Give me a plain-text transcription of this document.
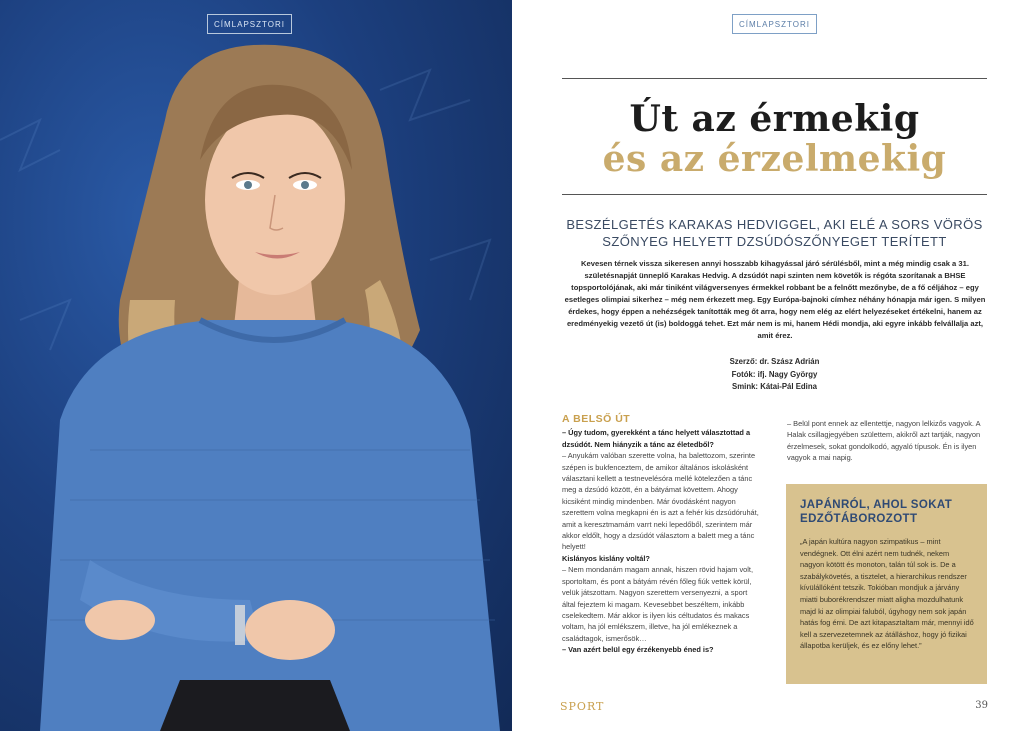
CÍMLAPSZTORI	CÍMLAPSZTORI
Út az érmekig
és az érzelmekig
BESZÉLGETÉS KARAKAS HEDVIGGEL, AKI ELÉ A SORS VÖRÖS SZŐNYEG HELYETT DZSÚDÓSZŐNYEGET TERÍTETT
Kevesen térnek vissza sikeresen annyi hosszabb kihagyással járó sérülésből, mint a még mindig csak a 31. születésnapját ünneplő Karakas Hedvig. A dzsúdót napi szinten nem követők is régóta szorítanak a BHSE topsportolójának, aki már tiniként világversenyes érmekkel robbant be a felnőtt mezőnybe, de a fő céljához – egy esetleges olimpiai sikerhez – még nem érkezett meg. Egy Európa-bajnoki címhez néhány hónapja már igen. S milyen érdekes, hogy éppen a nehézségek tanították meg őt arra, hogy nem elég az elért helyezéseket értékelni, hanem az eredményekig vezető út (is) boldoggá tehet. Ezt már nem is mi, hanem Hédi mondja, aki egyre inkább felvállalja azt, amit érez.
Szerző: dr. Szász Adrián
Fotók: ifj. Nagy György
Smink: Kátai-Pál Edina
A BELSŐ ÚT
– Úgy tudom, gyerekként a tánc helyett választottad a dzsúdót. Nem hiányzik a tánc az életedből?
– Anyukám valóban szerette volna, ha balettozom, szerinte szépen is bukfenceztem, de amikor általános iskolásként választani kellett a testnevelésóra mellé kötelezően a tánc meg a dzsúdó között, én a bátyámat követtem. Ahogy kicsiként mindig mindenben. Már óvodásként nagyon szerettem volna megkapni én is azt a fehér kis dzsúdóruhát, amit a keresztmamám varrt neki lepedőből, szerintem már akkor eldőlt, hogy a dzsúdót választom a balett meg a tánc helyett!
Kislányos kislány voltál?
– Nem mondanám magam annak, hiszen rövid hajam volt, sportoltam, és pont a bátyám révén főleg fiúk vettek körül, velük játszottam. Nagyon szerettem versenyezni, a sport által fejeztem ki magam. Kevesebbet beszéltem, inkább cselekedtem. Már akkor is ilyen kis céltudatos és makacs voltam, ha jól emlékszem, illetve, ha jól emlékeznek a családtagok, ismerősök…
– Van azért belül egy érzékenyebb éned is?
– Belül pont ennek az ellentettje, nagyon lelkizős vagyok. A Halak csillagjegyében születtem, akikről azt tartják, nagyon érzelmesek, sokat gondolkodó, agyaló típusok. Én is ilyen vagyok a mai napig.
JAPÁNRÓL, AHOL SOKAT EDZŐTÁBOROZOTT
„A japán kultúra nagyon szimpatikus – mint vendégnek. Ott élni azért nem tudnék, nekem nagyon kötött és monoton, talán túl sok is. De a szabálykövetés, a tisztelet, a hierarchikus rendszer kívülállóként tetszik. Tokióban mondjuk a járvány miatti buborékrendszer miatt aligha mozdulhatunk majd ki az olimpiai faluból, úgyhogy nem sok japán hatás fog érni. De azt kitapasztaltam már, mennyi idő kell a szervezetemnek az átálláshoz, hogy jó fizikai állapotba kerüljek, és ez előny lehet.”
SPORT	39
